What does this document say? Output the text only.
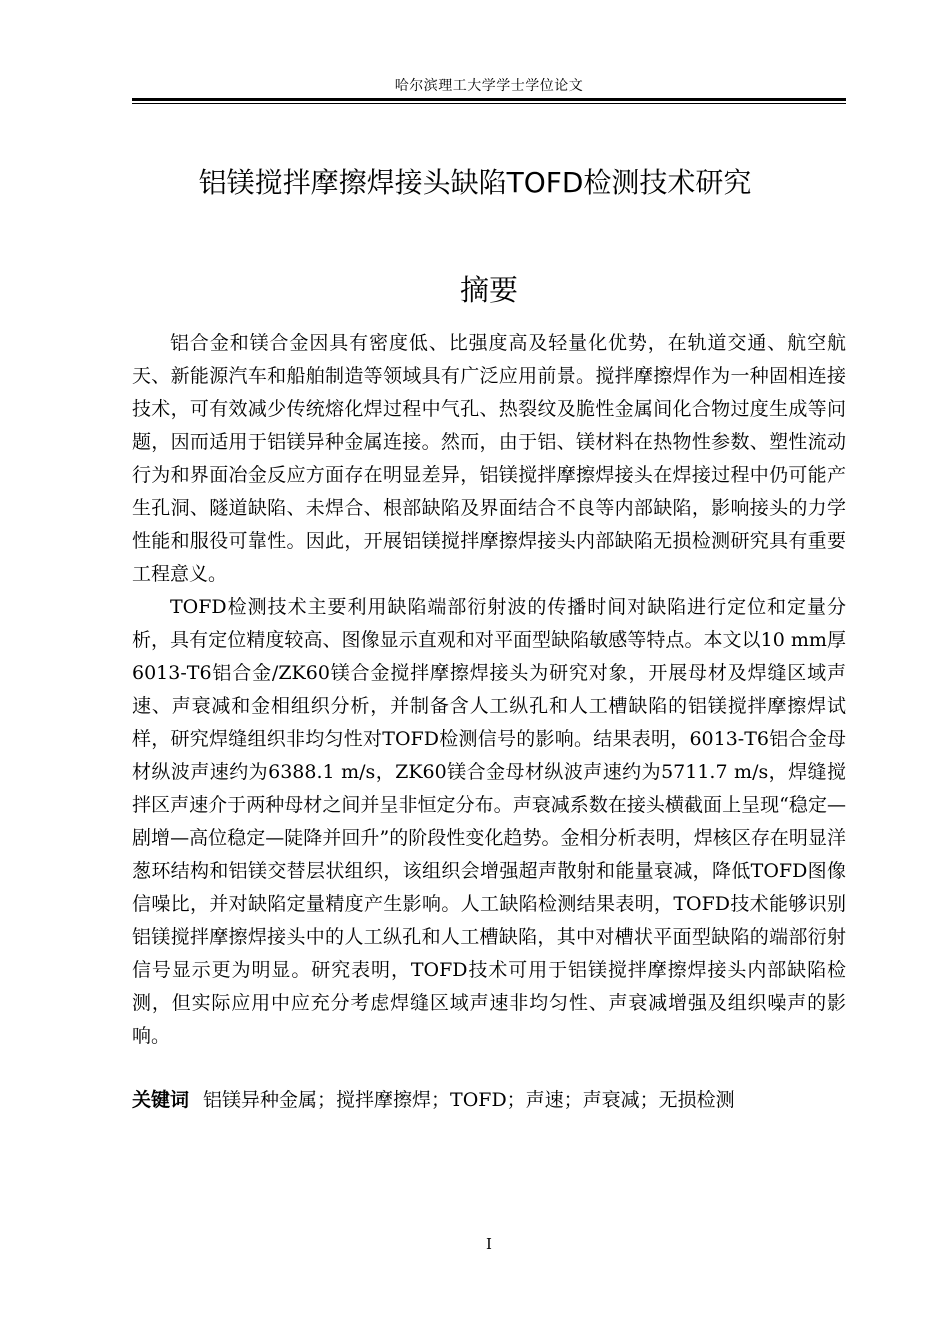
哈尔滨理工大学学士学位论文
铝镁搅拌摩擦焊接头缺陷TOFD检测技术研究
摘要

铝合金和镁合金因具有密度低、比强度高及轻量化优势，在轨道交通、航空航天、新能源汽车和船舶制造等领域具有广泛应用前景。搅拌摩擦焊作为一种固相连接技术，可有效减少传统熔化焊过程中气孔、热裂纹及脆性金属间化合物过度生成等问题，因而适用于铝镁异种金属连接。然而，由于铝、镁材料在热物性参数、塑性流动行为和界面冶金反应方面存在明显差异，铝镁搅拌摩擦焊接头在焊接过程中仍可能产生孔洞、隧道缺陷、未焊合、根部缺陷及界面结合不良等内部缺陷，影响接头的力学性能和服役可靠性。因此，开展铝镁搅拌摩擦焊接头内部缺陷无损检测研究具有重要工程意义。

TOFD检测技术主要利用缺陷端部衍射波的传播时间对缺陷进行定位和定量分析，具有定位精度较高、图像显示直观和对平面型缺陷敏感等特点。本文以10 mm厚6013-T6铝合金/ZK60镁合金搅拌摩擦焊接头为研究对象，开展母材及焊缝区域声速、声衰减和金相组织分析，并制备含人工纵孔和人工槽缺陷的铝镁搅拌摩擦焊试样，研究焊缝组织非均匀性对TOFD检测信号的影响。结果表明，6013-T6铝合金母材纵波声速约为6388.1 m/s，ZK60镁合金母材纵波声速约为5711.7 m/s，焊缝搅拌区声速介于两种母材之间并呈非恒定分布。声衰减系数在接头横截面上呈现“稳定—剧增—高位稳定—陡降并回升”的阶段性变化趋势。金相分析表明，焊核区存在明显洋葱环结构和铝镁交替层状组织，该组织会增强超声散射和能量衰减，降低TOFD图像信噪比，并对缺陷定量精度产生影响。人工缺陷检测结果表明，TOFD技术能够识别铝镁搅拌摩擦焊接头中的人工纵孔和人工槽缺陷，其中对槽状平面型缺陷的端部衍射信号显示更为明显。研究表明，TOFD技术可用于铝镁搅拌摩擦焊接头内部缺陷检测，但实际应用中应充分考虑焊缝区域声速非均匀性、声衰减增强及组织噪声的影响。

关键词 铝镁异种金属；搅拌摩擦焊；TOFD；声速；声衰减；无损检测
I
